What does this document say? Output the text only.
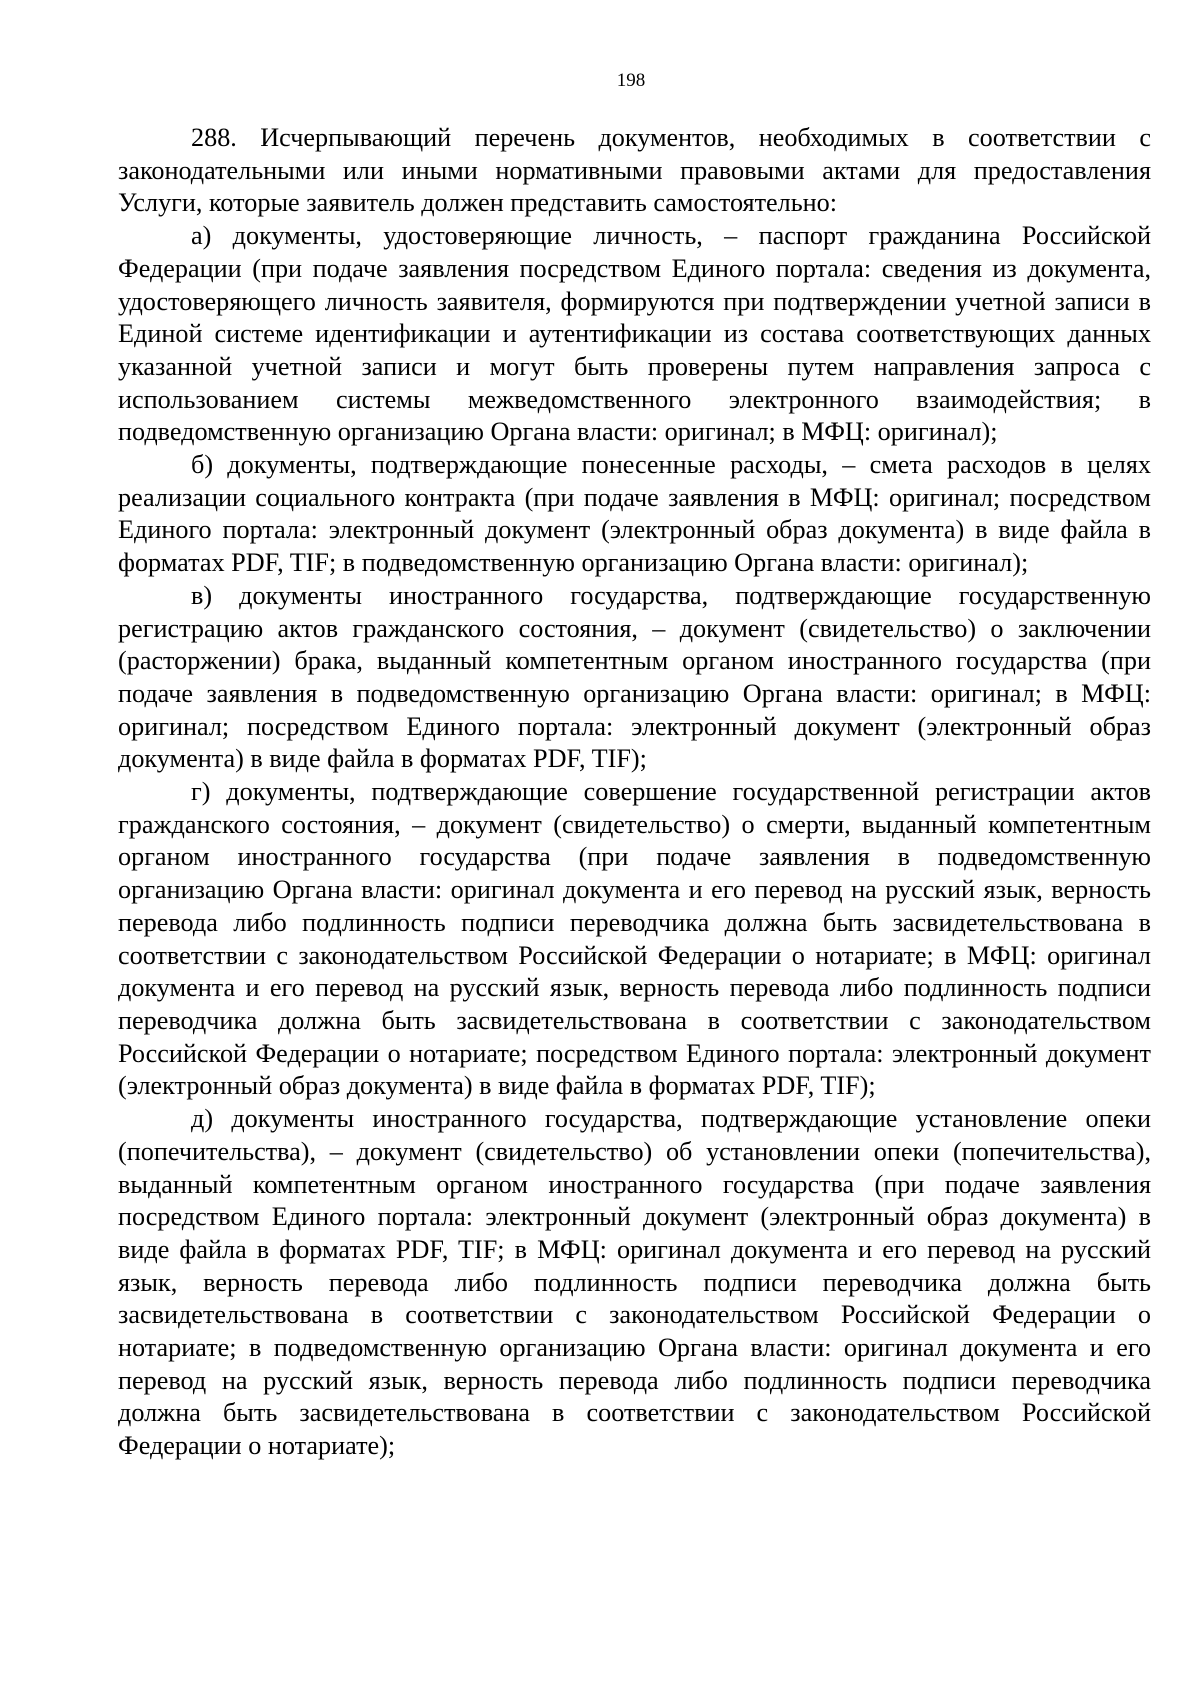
198

288. Исчерпывающий перечень документов, необходимых в соответствии с законодательными или иными нормативными правовыми актами для предоставления Услуги, которые заявитель должен представить самостоятельно:

а) документы, удостоверяющие личность, – паспорт гражданина Российской Федерации (при подаче заявления посредством Единого портала: сведения из документа, удостоверяющего личность заявителя, формируются при подтверждении учетной записи в Единой системе идентификации и аутентификации из состава соответствующих данных указанной учетной записи и могут быть проверены путем направления запроса с использованием системы межведомственного электронного взаимодействия; в подведомственную организацию Органа власти: оригинал; в МФЦ: оригинал);

б) документы, подтверждающие понесенные расходы, – смета расходов в целях реализации социального контракта (при подаче заявления в МФЦ: оригинал; посредством Единого портала: электронный документ (электронный образ документа) в виде файла в форматах PDF, TIF; в подведомственную организацию Органа власти: оригинал);

в) документы иностранного государства, подтверждающие государственную регистрацию актов гражданского состояния, – документ (свидетельство) о заключении (расторжении) брака, выданный компетентным органом иностранного государства (при подаче заявления в подведомственную организацию Органа власти: оригинал; в МФЦ: оригинал; посредством Единого портала: электронный документ (электронный образ документа) в виде файла в форматах PDF, TIF);

г) документы, подтверждающие совершение государственной регистрации актов гражданского состояния, – документ (свидетельство) о смерти, выданный компетентным органом иностранного государства (при подаче заявления в подведомственную организацию Органа власти: оригинал документа и его перевод на русский язык, верность перевода либо подлинность подписи переводчика должна быть засвидетельствована в соответствии с законодательством Российской Федерации о нотариате; в МФЦ: оригинал документа и его перевод на русский язык, верность перевода либо подлинность подписи переводчика должна быть засвидетельствована в соответствии с законодательством Российской Федерации о нотариате; посредством Единого портала: электронный документ (электронный образ документа) в виде файла в форматах PDF, TIF);

д) документы иностранного государства, подтверждающие установление опеки (попечительства), – документ (свидетельство) об установлении опеки (попечительства), выданный компетентным органом иностранного государства (при подаче заявления посредством Единого портала: электронный документ (электронный образ документа) в виде файла в форматах PDF, TIF; в МФЦ: оригинал документа и его перевод на русский язык, верность перевода либо подлинность подписи переводчика должна быть засвидетельствована в соответствии с законодательством Российской Федерации о нотариате; в подведомственную организацию Органа власти: оригинал документа и его перевод на русский язык, верность перевода либо подлинность подписи переводчика должна быть засвидетельствована в соответствии с законодательством Российской Федерации о нотариате);
